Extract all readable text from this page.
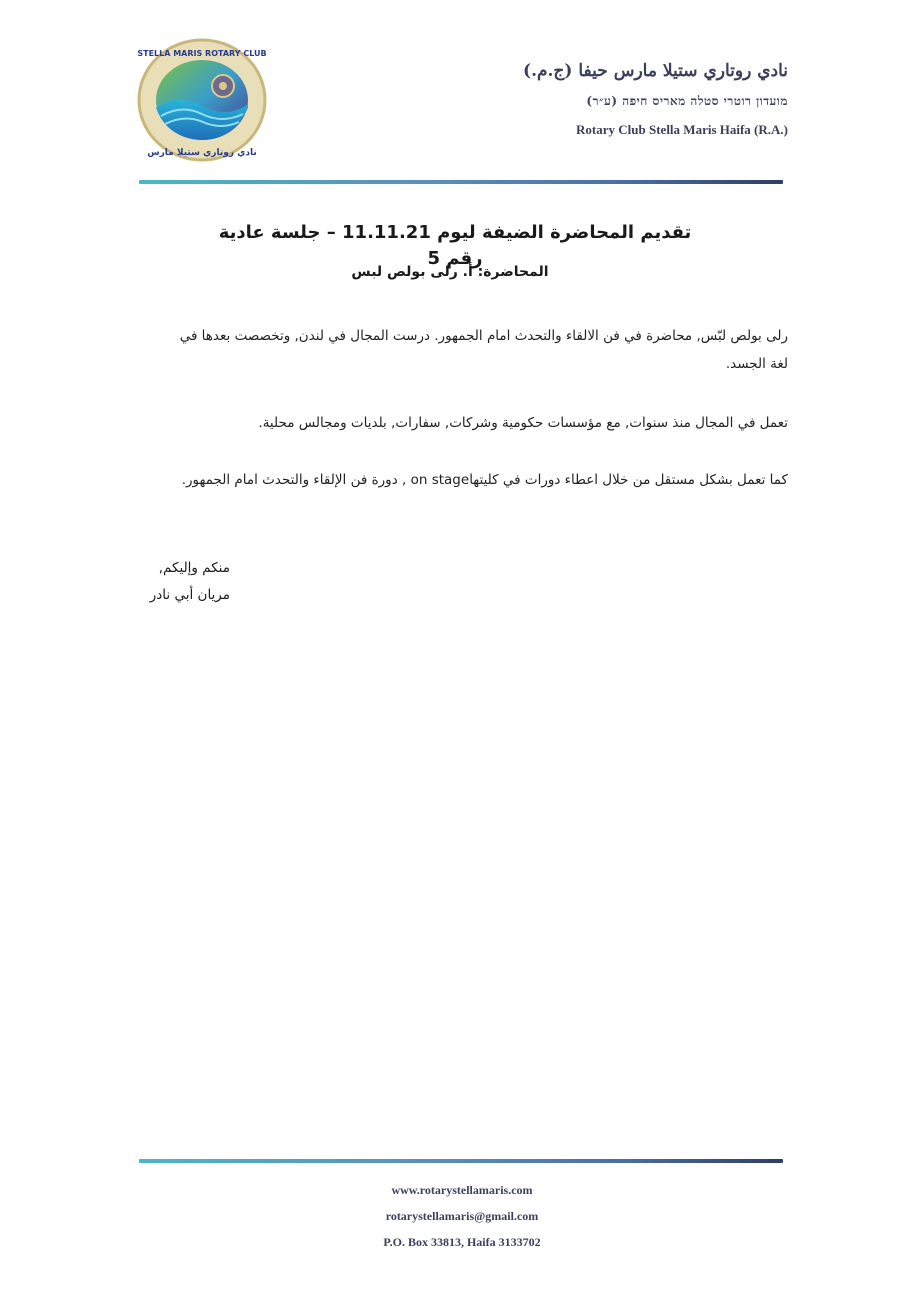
STELLA MARIS ROTARY CLUB
نادي روتاري ستيلا مارس
نادي روتاري ستيلا مارس حيفا (ج.م.)
מועדון רוטרי סטלה מאריס חיפה (ע״ר)
Rotary Club Stella Maris Haifa (R.A.)
تقديم المحاضرة الضيفة ليوم 11.11.21 – جلسة عادية رقم 5
المحاضرة: أ. رلى بولص لبس
رلى بولص لبّس, محاضرة في فن الالقاء والتحدث امام الجمهور. درست المجال في لندن, وتخصصت بعدها في لغة الجسد.
تعمل في المجال منذ سنوات, مع مؤسسات حكومية وشركات, سفارات, بلديات ومجالس محلية.
كما تعمل بشكل مستقل من خلال اعطاء دورات في كليتهاon stage , دورة فن الإلقاء والتحدث امام الجمهور.
منكم وإليكم,
مريان أبي نادر
www.rotarystellamaris.com
rotarystellamaris@gmail.com
P.O. Box 33813, Haifa 3133702
